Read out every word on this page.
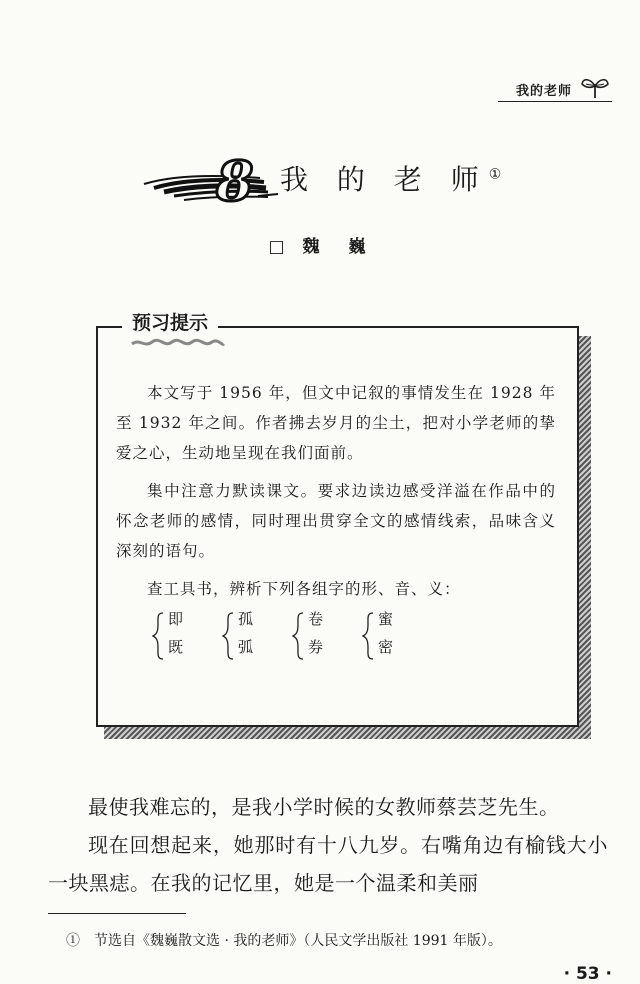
我的老师
8 我 的 老 师①
□ 魏　巍
预习提示

本文写于 1956 年，但文中记叙的事情发生在 1928 年至 1932 年之间。作者拂去岁月的尘土，把对小学老师的挚爱之心，生动地呈现在我们面前。

集中注意力默读课文。要求边读边感受洋溢在作品中的怀念老师的感情，同时理出贯穿全文的感情线索，品味含义深刻的语句。

查工具书，辨析下列各组字的形、音、义：

即
既
孤
弧
卷
券
蜜
密

最使我难忘的，是我小学时候的女教师蔡芸芝先生。

现在回想起来，她那时有十八九岁。右嘴角边有榆钱大小一块黑痣。在我的记忆里，她是一个温柔和美丽

①　节选自《魏巍散文选 · 我的老师》（人民文学出版社 1991 年版）。
· 53 ·
